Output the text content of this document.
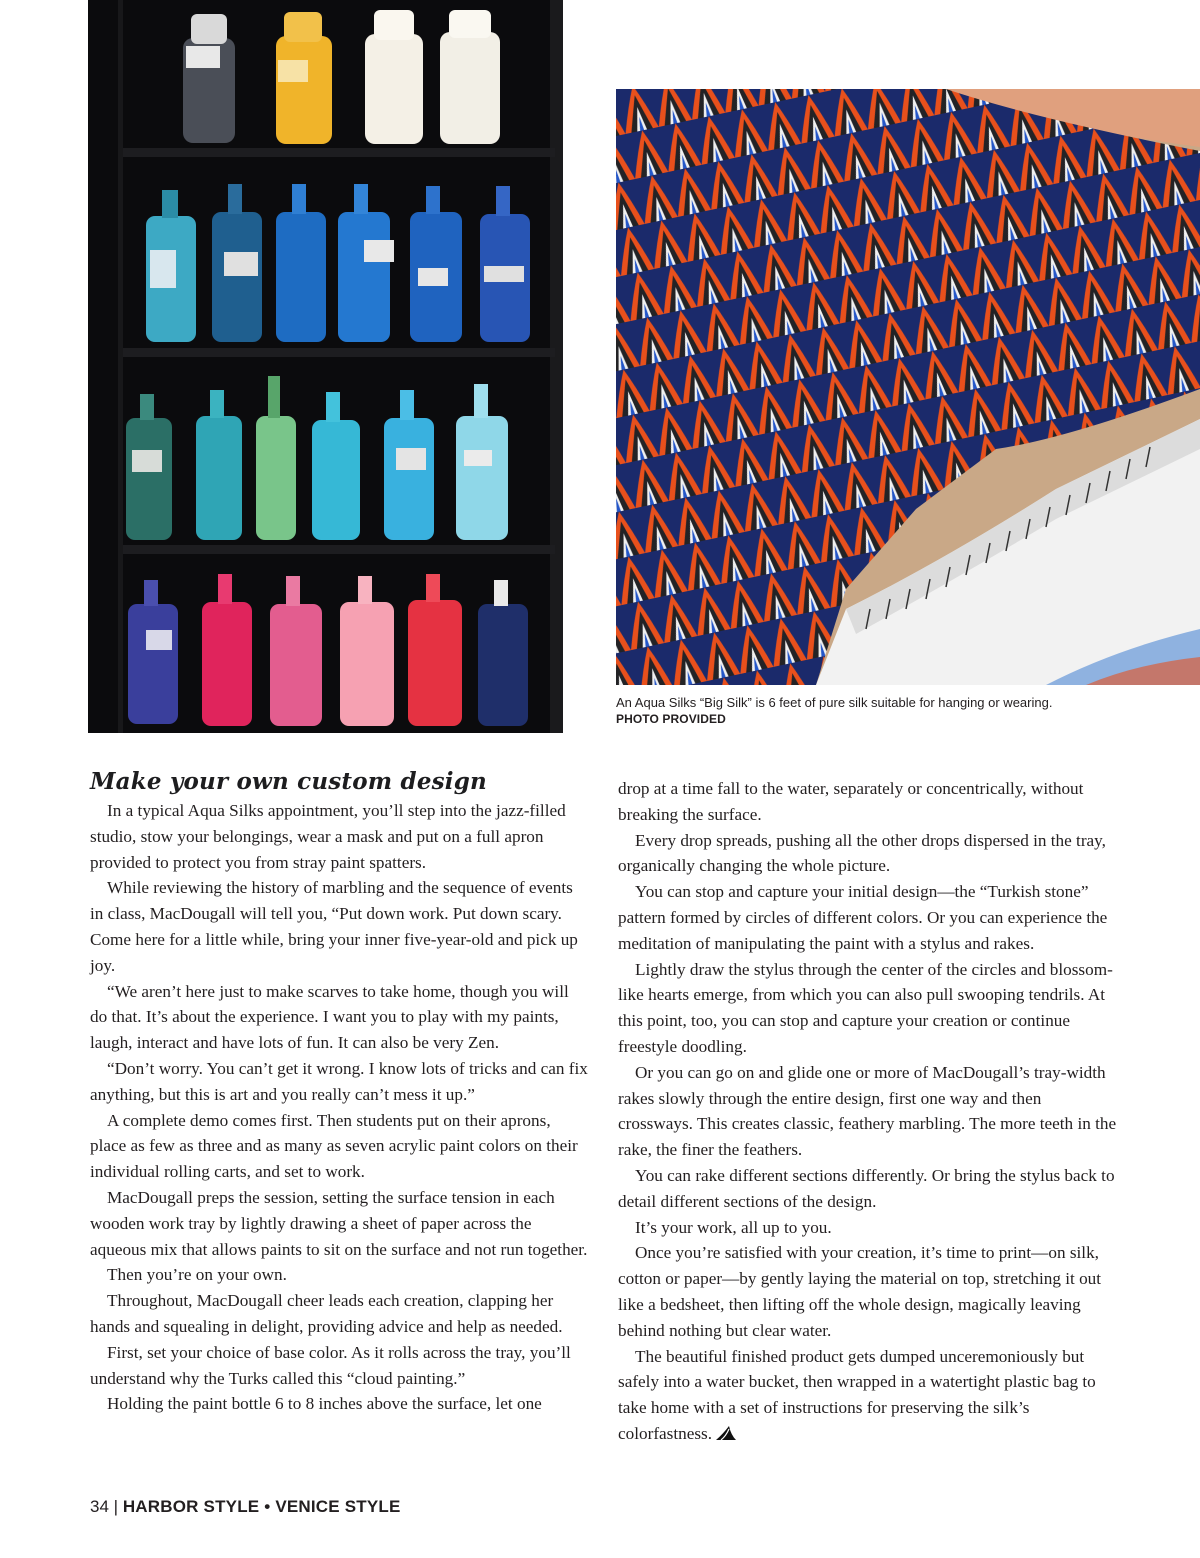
An Aqua Silks “Big Silk” is 6 feet of pure silk suitable for hanging or wearing.
PHOTO PROVIDED
Make your own custom design

In a typical Aqua Silks appointment, you’ll step into the jazz-filled studio, stow your belongings, wear a mask and put on a full apron provided to protect you from stray paint spatters.

While reviewing the history of marbling and the sequence of events in class, MacDougall will tell you, “Put down work. Put down scary. Come here for a little while, bring your inner five-year-old and pick up joy.

“We aren’t here just to make scarves to take home, though you will do that. It’s about the experience. I want you to play with my paints, laugh, interact and have lots of fun. It can also be very Zen.

“Don’t worry. You can’t get it wrong. I know lots of tricks and can fix anything, but this is art and you really can’t mess it up.”

A complete demo comes first. Then students put on their aprons, place as few as three and as many as seven acrylic paint colors on their individual rolling carts, and set to work.

MacDougall preps the session, setting the surface tension in each wooden work tray by lightly drawing a sheet of paper across the aqueous mix that allows paints to sit on the surface and not run together.

Then you’re on your own.

Throughout, MacDougall cheer leads each creation, clapping her hands and squealing in delight, providing advice and help as needed.

First, set your choice of base color. As it rolls across the tray, you’ll understand why the Turks called this “cloud painting.”

Holding the paint bottle 6 to 8 inches above the surface, let one

drop at a time fall to the water, separately or concentrically, without breaking the surface.

Every drop spreads, pushing all the other drops dispersed in the tray, organically changing the whole picture.

You can stop and capture your initial design—the “Turkish stone” pattern formed by circles of different colors. Or you can experience the meditation of manipulating the paint with a stylus and rakes.

Lightly draw the stylus through the center of the circles and blossom-like hearts emerge, from which you can also pull swooping tendrils. At this point, too, you can stop and capture your creation or continue freestyle doodling.

Or you can go on and glide one or more of MacDougall’s tray-width rakes slowly through the entire design, first one way and then crossways. This creates classic, feathery marbling. The more teeth in the rake, the finer the feathers.

You can rake different sections differently. Or bring the stylus back to detail different sections of the design.

It’s your work, all up to you.

Once you’re satisfied with your creation, it’s time to print—on silk, cotton or paper—by gently laying the material on top, stretching it out like a bedsheet, then lifting off the whole design, magically leaving behind nothing but clear water.

The beautiful finished product gets dumped unceremoniously but safely into a water bucket, then wrapped in a watertight plastic bag to take home with a set of instructions for preserving the silk’s colorfastness.

34 | HARBOR STYLE • VENICE STYLE
